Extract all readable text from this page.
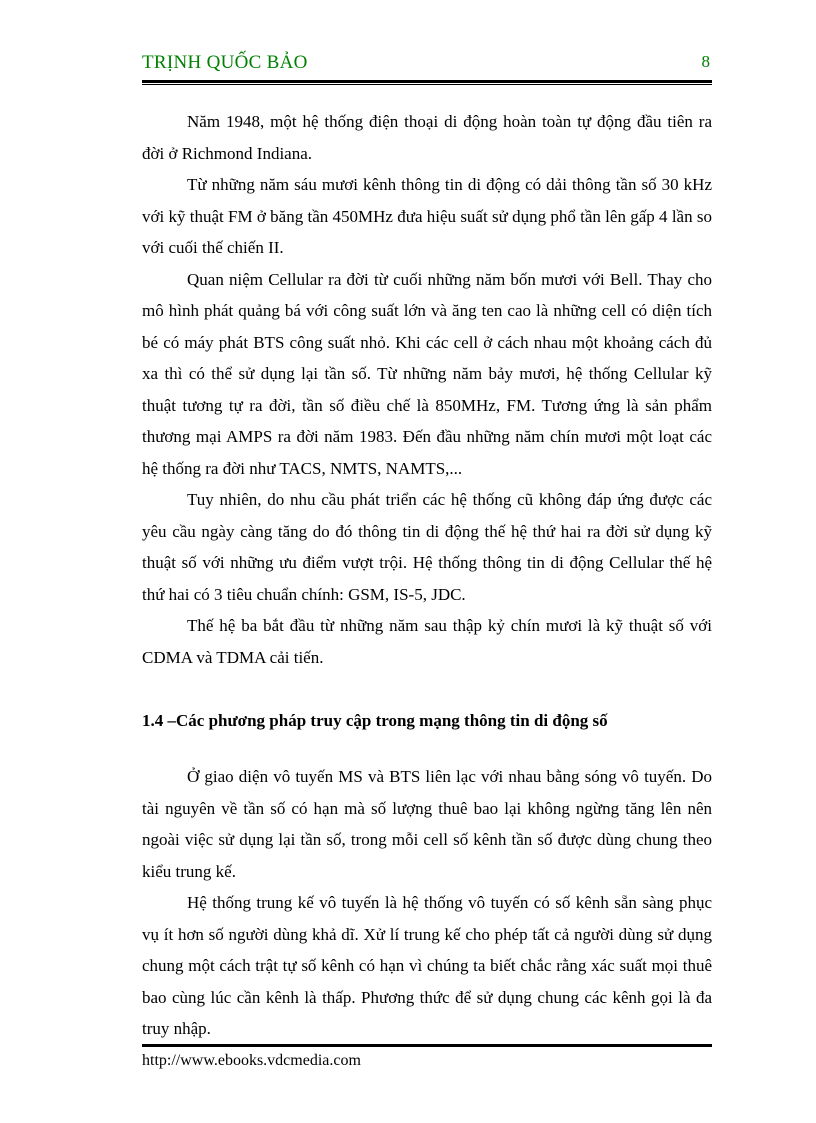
TRỊNH QUỐC BẢO	8

Năm 1948, một hệ thống điện thoại di động hoàn toàn tự động đầu tiên ra đời ở Richmond Indiana.

Từ những năm sáu mươi kênh thông tin di động có dải thông tần số 30 kHz với kỹ thuật FM ở băng tần 450MHz đưa hiệu suất sử dụng phổ tần lên gấp 4 lần so với cuối thế chiến II.

Quan niệm Cellular ra đời từ cuối những năm bốn mươi với Bell. Thay cho mô hình phát quảng bá với công suất lớn và ăng ten cao là những cell có diện tích bé có máy phát BTS công suất nhỏ. Khi các cell ở cách nhau một khoảng cách đủ xa thì có thể sử dụng lại tần số. Từ những năm bảy mươi, hệ thống Cellular kỹ thuật tương tự ra đời, tần số điều chế là 850MHz, FM. Tương ứng là sản phẩm thương mại AMPS ra đời năm 1983. Đến đầu những năm chín mươi một loạt các hệ thống ra đời như TACS, NMTS, NAMTS,...

Tuy nhiên, do nhu cầu phát triển các hệ thống cũ không đáp ứng được các yêu cầu ngày càng tăng do đó thông tin di động thế hệ thứ hai ra đời sử dụng kỹ thuật số với những ưu điểm vượt trội. Hệ thống thông tin di động Cellular thế hệ thứ hai có 3 tiêu chuẩn chính: GSM, IS-5, JDC.

Thế hệ ba bắt đầu từ những năm sau thập kỷ chín mươi là kỹ thuật số với CDMA và TDMA cải tiến.

1.4 –Các phương pháp truy cập trong mạng thông tin di động số

Ở giao diện vô tuyến MS và BTS liên lạc với nhau bằng sóng vô tuyến. Do tài nguyên về tần số có hạn mà số lượng thuê bao lại không ngừng tăng lên nên ngoài việc sử dụng lại tần số, trong mỗi cell số kênh tần số được dùng chung theo kiểu trung kế.

Hệ thống trung kế vô tuyến là hệ thống vô tuyến có số kênh sẵn sàng phục vụ ít hơn số người dùng khả dĩ. Xử lí trung kế cho phép tất cả người dùng sử dụng chung một cách trật tự số kênh có hạn vì chúng ta biết chắc rằng xác suất mọi thuê bao cùng lúc cần kênh là thấp. Phương thức để sử dụng chung các kênh gọi là đa truy nhập.

http://www.ebooks.vdcmedia.com
